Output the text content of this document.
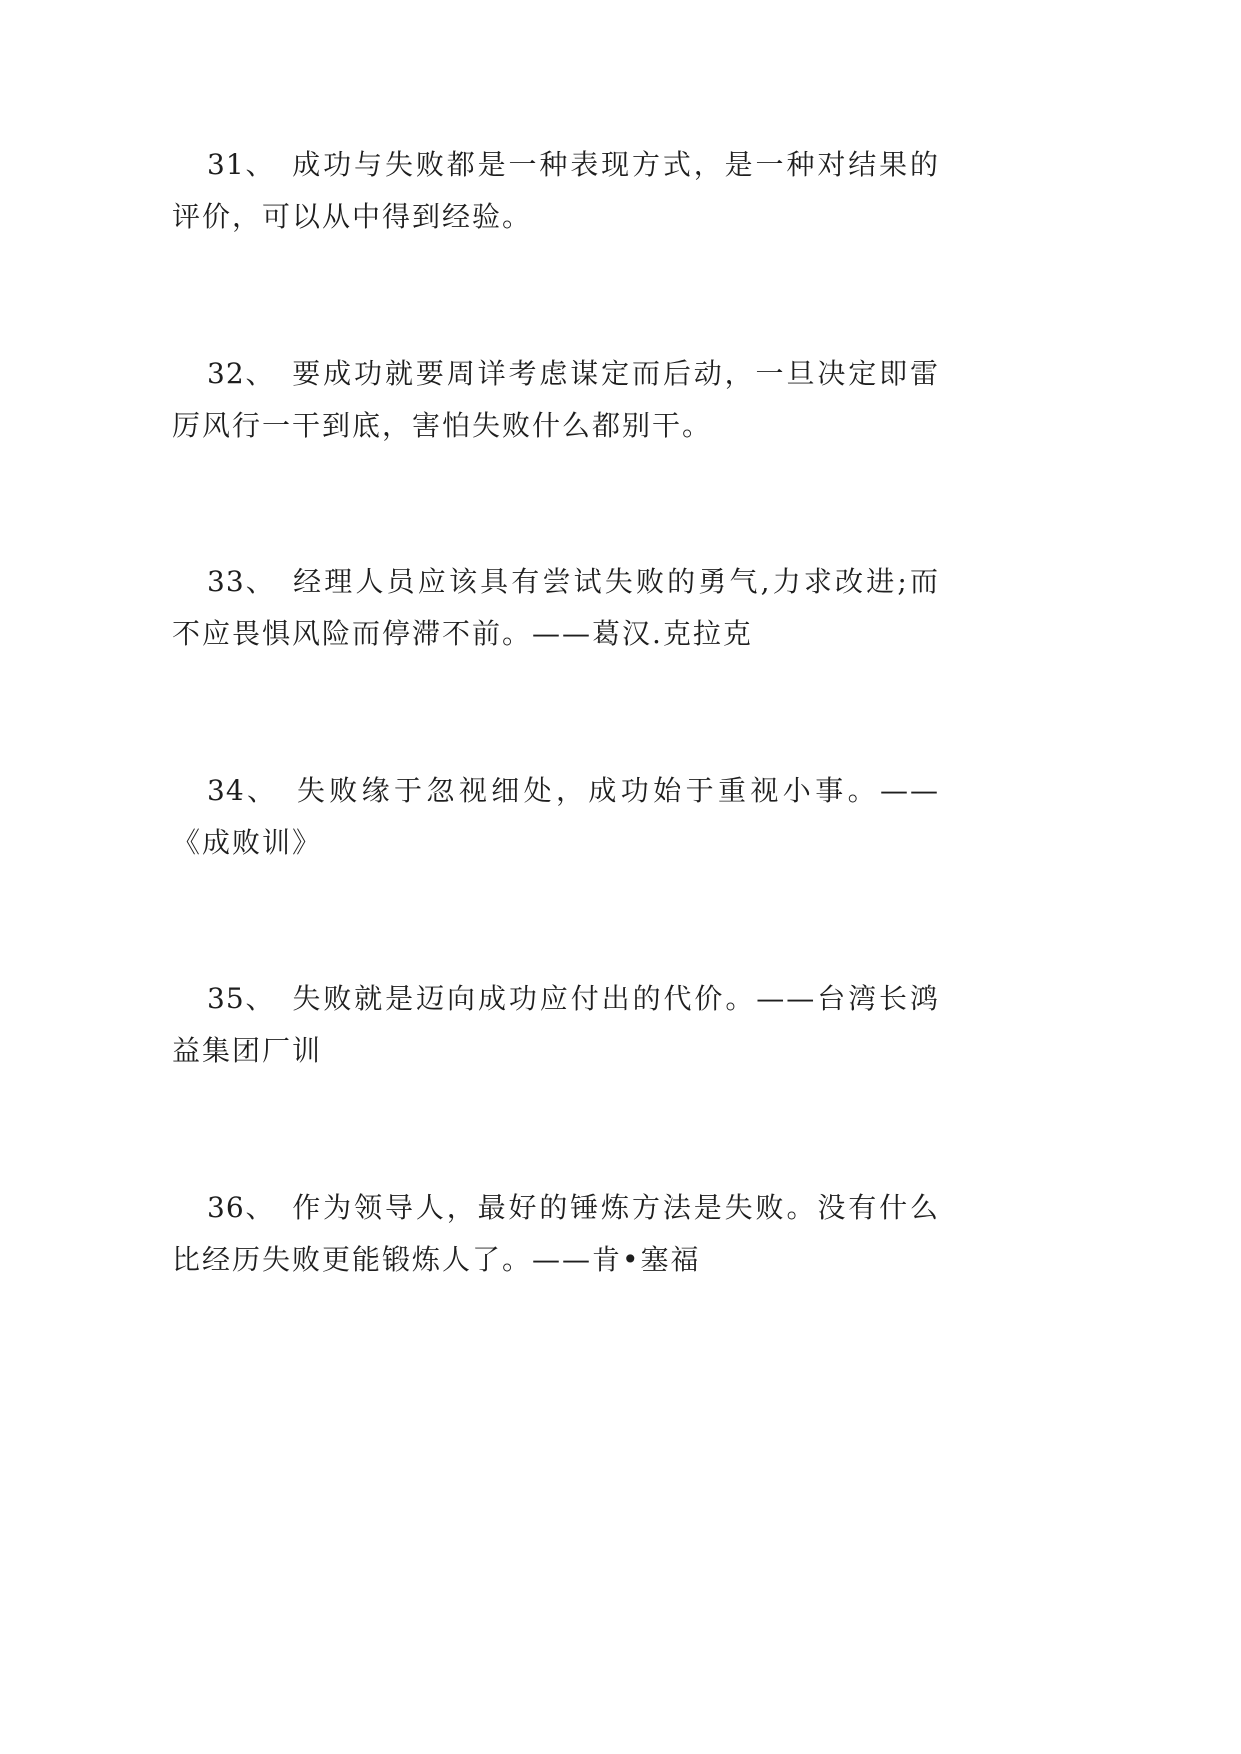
31、 成功与失败都是一种表现方式，是一种对结果的评价，可以从中得到经验。

32、 要成功就要周详考虑谋定而后动，一旦决定即雷厉风行一干到底，害怕失败什么都别干。

33、 经理人员应该具有尝试失败的勇气,力求改进;而不应畏惧风险而停滞不前。——葛汉.克拉克

34、 失败缘于忽视细处，成功始于重视小事。——《成败训》

35、 失败就是迈向成功应付出的代价。——台湾长鸿益集团厂训

36、 作为领导人，最好的锤炼方法是失败。没有什么比经历失败更能锻炼人了。——肯•塞福
